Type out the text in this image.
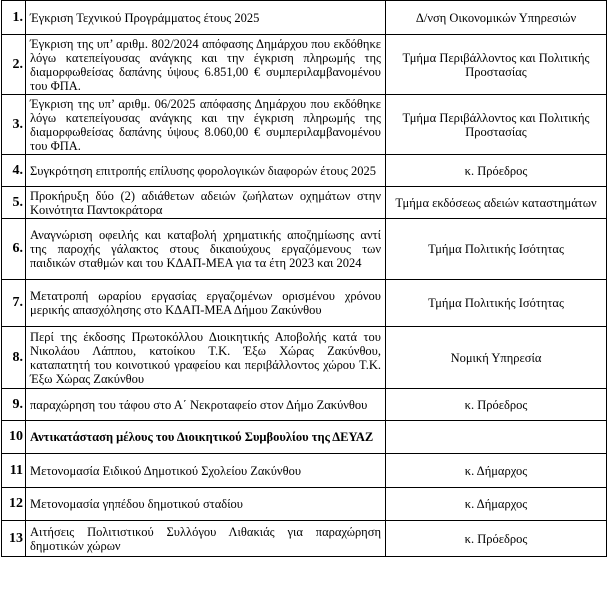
1.	Έγκριση Τεχνικού Προγράμματος έτους 2025	Δ/νση Οικονομικών Υπηρεσιών
2.	Έγκριση της υπ’ αριθμ. 802/2024 απόφασης Δημάρχου που εκδόθηκε λόγω κατεπείγουσας ανάγκης και την έγκριση πληρωμής της διαμορφωθείσας δαπάνης ύψους 6.851,00 € συμπεριλαμβανομένου του ΦΠΑ.	Τμήμα Περιβάλλοντος και Πολιτικής Προστασίας
3.	Έγκριση της υπ’ αριθμ. 06/2025 απόφασης Δημάρχου που εκδόθηκε λόγω κατεπείγουσας ανάγκης και την έγκριση πληρωμής της διαμορφωθείσας δαπάνης ύψους 8.060,00 € συμπεριλαμβανομένου του ΦΠΑ.	Τμήμα Περιβάλλοντος και Πολιτικής Προστασίας
4.	Συγκρότηση επιτροπής επίλυσης φορολογικών διαφορών έτους 2025	κ. Πρόεδρος
5.	Προκήρυξη δύο (2) αδιάθετων αδειών ζωήλατων οχημάτων στην Κοινότητα Παντοκράτορα	Τμήμα εκδόσεως αδειών καταστημάτων
6.	Αναγνώριση οφειλής και καταβολή χρηματικής αποζημίωσης αντί της παροχής γάλακτος στους δικαιούχους εργαζόμενους των παιδικών σταθμών και του ΚΔΑΠ-ΜΕΑ για τα έτη 2023 και 2024	Τμήμα Πολιτικής Ισότητας
7.	Μετατροπή ωραρίου εργασίας εργαζομένων ορισμένου χρόνου μερικής απασχόλησης στο ΚΔΑΠ-ΜΕΑ Δήμου Ζακύνθου	Τμήμα Πολιτικής Ισότητας
8.	Περί της έκδοσης Πρωτοκόλλου Διοικητικής Αποβολής κατά του Νικολάου Λάππου, κατοίκου Τ.Κ. Έξω Χώρας Ζακύνθου, καταπατητή του κοινοτικού γραφείου και περιβάλλοντος χώρου Τ.Κ. Έξω Χώρας Ζακύνθου	Νομική Υπηρεσία
9.	παραχώρηση του τάφου στο Α΄ Νεκροταφείο στον Δήμο Ζακύνθου	κ. Πρόεδρος
10	Αντικατάσταση μέλους του Διοικητικού Συμβουλίου της ΔΕΥΑΖ	
11	Μετονομασία Ειδικού Δημοτικού Σχολείου Ζακύνθου	κ. Δήμαρχος
12	Μετονομασία γηπέδου δημοτικού σταδίου	κ. Δήμαρχος
13	Αιτήσεις Πολιτιστικού Συλλόγου Λιθακιάς για παραχώρηση δημοτικών χώρων	κ. Πρόεδρος
